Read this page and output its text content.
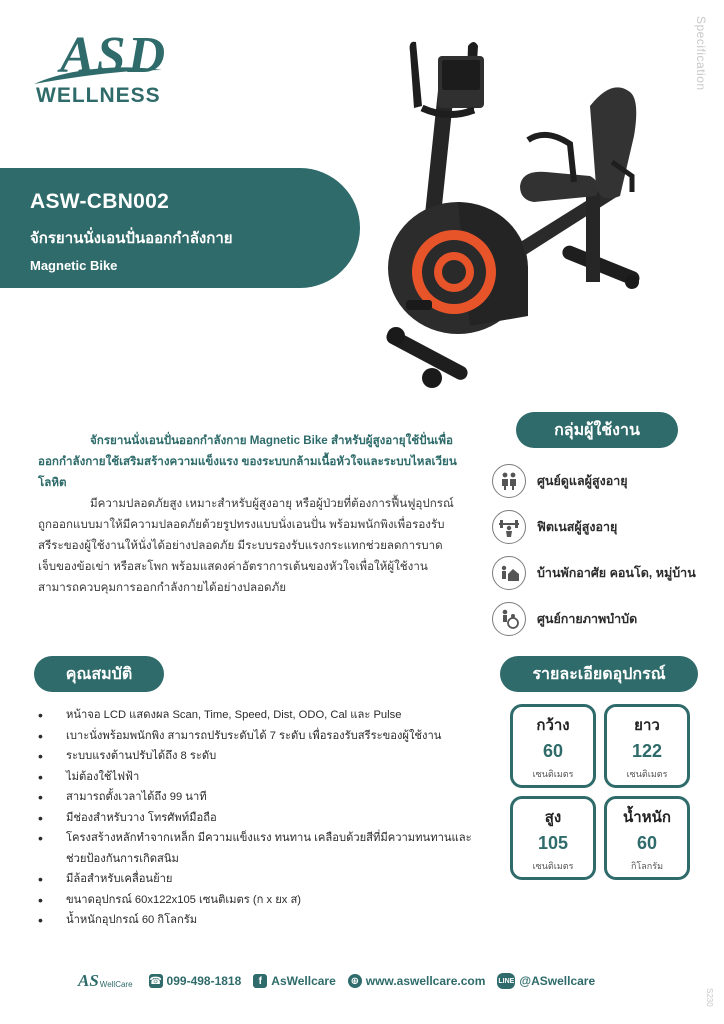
ASD
WELLNESS
Specification
S230
ASW-CBN002
จักรยานนั่งเอนปั่นออกกำลังกาย
Magnetic Bike

จักรยานนั่งเอนปั่นออกกำลังกาย Magnetic Bike สำหรับผู้สูงอายุใช้ปั่นเพื่อออกกำลังกายใช้เสริมสร้างความแข็งแรง ของระบบกล้ามเนื้อหัวใจและระบบไหลเวียนโลหิต

มีความปลอดภัยสูง เหมาะสำหรับผู้สูงอายุ หรือผู้ป่วยที่ต้องการฟื้นฟูอุปกรณ์ถูกออกแบบมาให้มีความปลอดภัยด้วยรูปทรงแบบนั่งเอนปั่น พร้อมพนักพิงเพื่อรองรับสรีระของผู้ใช้งานให้นั่งได้อย่างปลอดภัย มีระบบรองรับแรงกระแทกช่วยลดการบาดเจ็บของข้อเข่า หรือสะโพก พร้อมแสดงค่าอัตราการเต้นของหัวใจเพื่อให้ผู้ใช้งานสามารถควบคุมการออกกำลังกายได้อย่างปลอดภัย

กลุ่มผู้ใช้งาน
ศูนย์ดูแลผู้สูงอายุ
ฟิตเนสผู้สูงอายุ
บ้านพักอาศัย คอนโด, หมู่บ้าน
ศูนย์กายภาพบำบัด
คุณสมบัติ
• หน้าจอ LCD แสดงผล Scan, Time, Speed, Dist, ODO, Cal และ Pulse
• เบาะนั่งพร้อมพนักพิง สามารถปรับระดับได้ 7 ระดับ เพื่อรองรับสรีระของผู้ใช้งาน
• ระบบแรงต้านปรับได้ถึง 8 ระดับ
• ไม่ต้องใช้ไฟฟ้า
• สามารถตั้งเวลาได้ถึง 99 นาที
• มีช่องสำหรับวาง โทรศัพท์มือถือ
• โครงสร้างหลักทำจากเหล็ก มีความแข็งแรง ทนทาน เคลือบด้วยสีที่มีความทนทานและช่วยป้องกันการเกิดสนิม
• มีล้อสำหรับเคลื่อนย้าย
• ขนาดอุปกรณ์ 60x122x105 เซนติเมตร (ก x ยx ส)
• น้ำหนักอุปกรณ์ 60 กิโลกรัม
รายละเอียดอุปกรณ์
กว้าง
60
เซนติเมตร
ยาว
122
เซนติเมตร
สูง
105
เซนติเมตร
น้ำหนัก
60
กิโลกรัม
AS WellCare ☎ 099-498-1818	f AsWellcare ⊕ www.aswellcare.com LINE @ASwellcare
